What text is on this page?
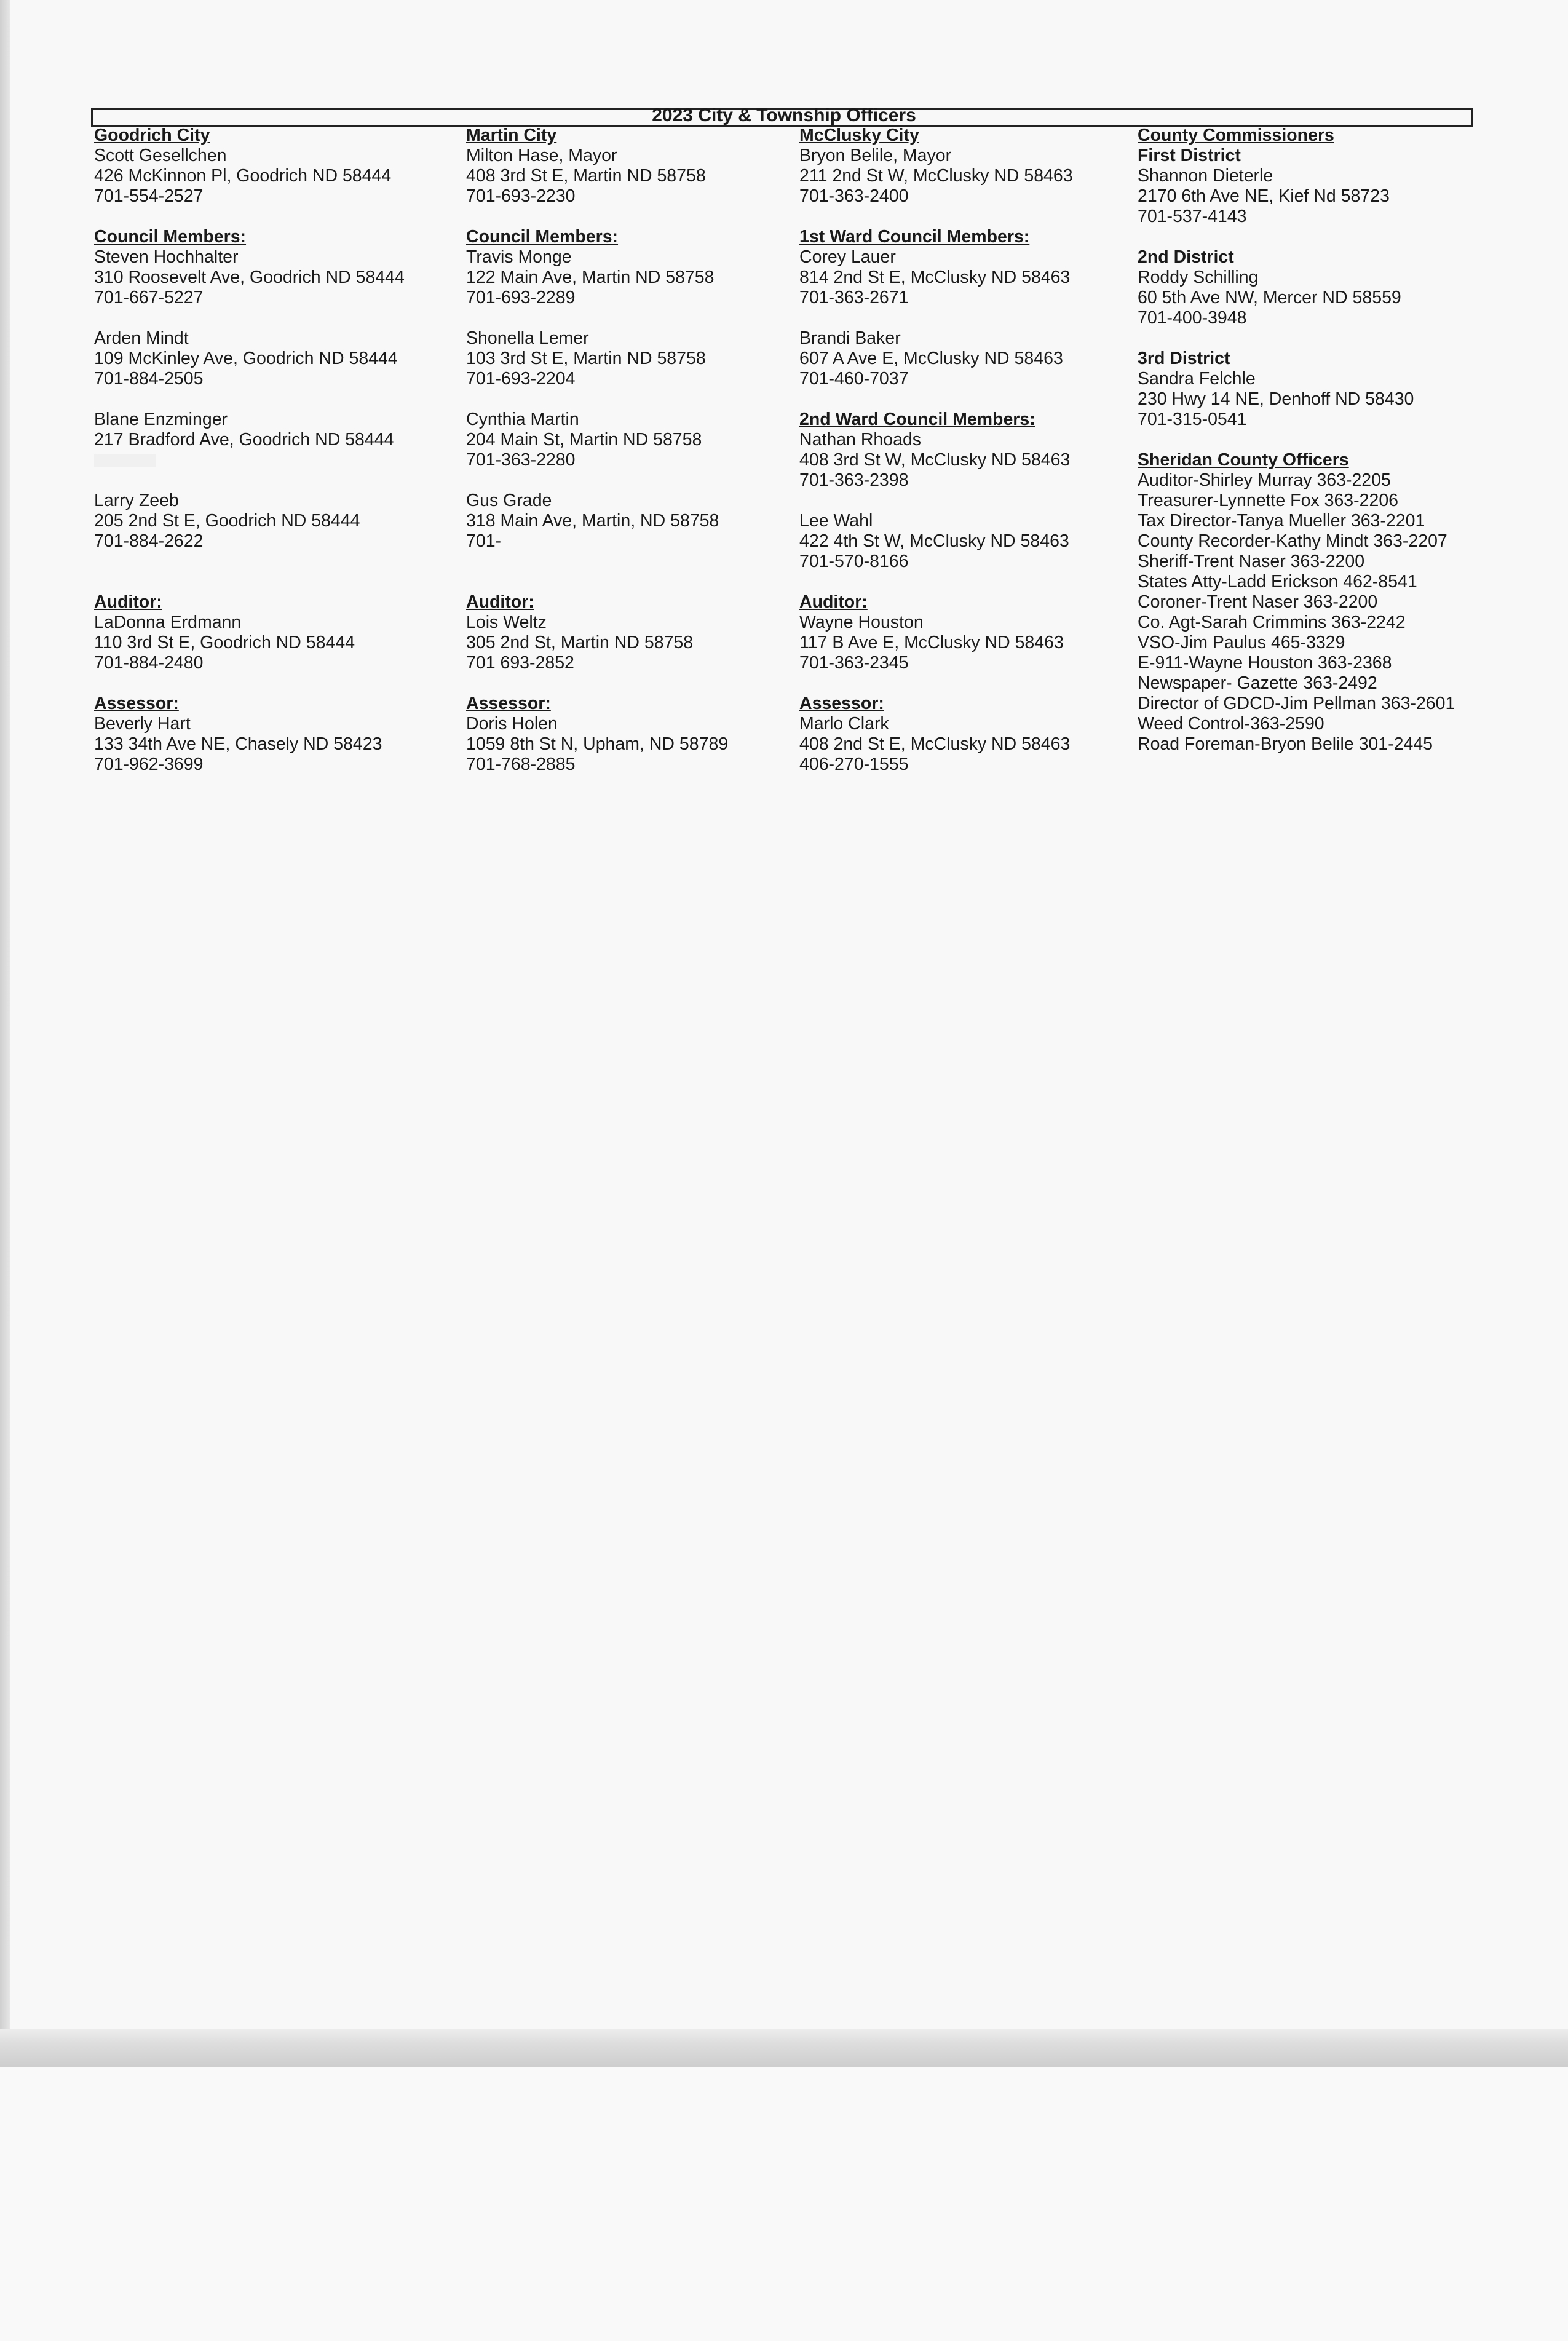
2023 City & Township Officers
Goodrich City
Scott Gesellchen
426 McKinnon Pl, Goodrich ND 58444
701-554-2527
Council Members:
Steven Hochhalter
310 Roosevelt Ave, Goodrich ND 58444
701-667-5227
Arden Mindt
109 McKinley Ave, Goodrich ND 58444
701-884-2505
Blane Enzminger
217 Bradford Ave, Goodrich ND 58444
Larry Zeeb
205 2nd St E, Goodrich ND 58444
701-884-2622
Auditor:
LaDonna Erdmann
110 3rd St E, Goodrich ND 58444
701-884-2480
Assessor:
Beverly Hart
133 34th Ave NE, Chasely ND 58423
701-962-3699
Martin City
Milton Hase, Mayor
408 3rd St E, Martin ND 58758
701-693-2230
Council Members:
Travis Monge
122 Main Ave, Martin ND 58758
701-693-2289
Shonella Lemer
103 3rd St E, Martin ND 58758
701-693-2204
Cynthia Martin
204 Main St, Martin ND 58758
701-363-2280
Gus Grade
318 Main Ave, Martin, ND 58758
701-
Auditor:
Lois Weltz
305 2nd St, Martin ND 58758
701 693-2852
Assessor:
Doris Holen
1059 8th St N, Upham, ND 58789
701-768-2885
McClusky City
Bryon Belile, Mayor
211 2nd St W, McClusky ND 58463
701-363-2400
1st Ward Council Members:
Corey Lauer
814 2nd St E, McClusky ND 58463
701-363-2671
Brandi Baker
607 A Ave E, McClusky ND 58463
701-460-7037
2nd Ward Council Members:
Nathan Rhoads
408 3rd St W, McClusky ND 58463
701-363-2398
Lee Wahl
422 4th St W, McClusky ND 58463
701-570-8166
Auditor:
Wayne Houston
117 B Ave E, McClusky ND 58463
701-363-2345
Assessor:
Marlo Clark
408 2nd St E, McClusky ND 58463
406-270-1555
County Commissioners
First District
Shannon Dieterle
2170 6th Ave NE, Kief Nd 58723
701-537-4143
2nd District
Roddy Schilling
60 5th Ave NW, Mercer ND 58559
701-400-3948
3rd District
Sandra Felchle
230 Hwy 14 NE, Denhoff ND 58430
701-315-0541
Sheridan County Officers
Auditor-Shirley Murray 363-2205
Treasurer-Lynnette Fox 363-2206
Tax Director-Tanya Mueller 363-2201
County Recorder-Kathy Mindt 363-2207
Sheriff-Trent Naser 363-2200
States Atty-Ladd Erickson 462-8541
Coroner-Trent Naser 363-2200
Co. Agt-Sarah Crimmins 363-2242
VSO-Jim Paulus 465-3329
E-911-Wayne Houston 363-2368
Newspaper- Gazette 363-2492
Director of GDCD-Jim Pellman 363-2601
Weed Control-363-2590
Road Foreman-Bryon Belile 301-2445
